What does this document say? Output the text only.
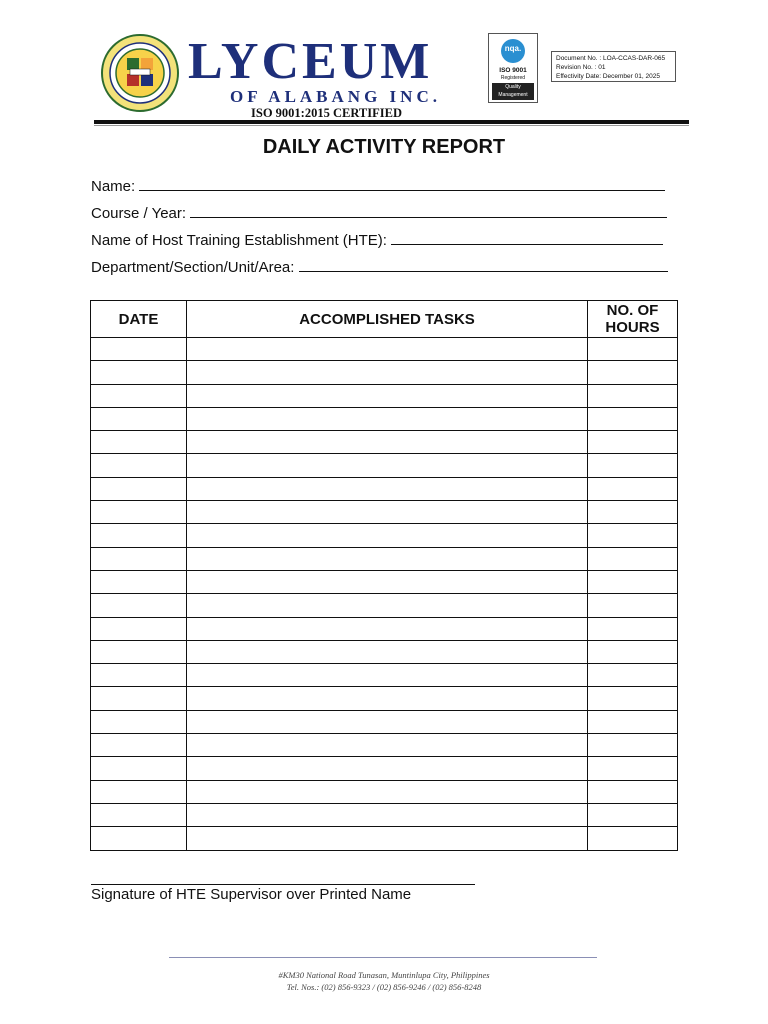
LYCEUM
OF ALABANG INC.
ISO 9001:2015 CERTIFIED
nqa.
ISO 9001
Registered
Quality
Management
Document No. : LOA-CCAS-DAR-065
Revision No. : 01
Effectivity Date: December 01, 2025
DAILY ACTIVITY REPORT
Name:
Course / Year:
Name of Host Training Establishment (HTE):
Department/Section/Unit/Area:
DATE	ACCOMPLISHED TASKS	NO. OF
HOURS

Signature of HTE Supervisor over Printed Name
#KM30 National Road Tunasan, Muntinlupa City, Philippines
Tel. Nos.: (02) 856-9323 / (02) 856-9246 / (02) 856-8248
